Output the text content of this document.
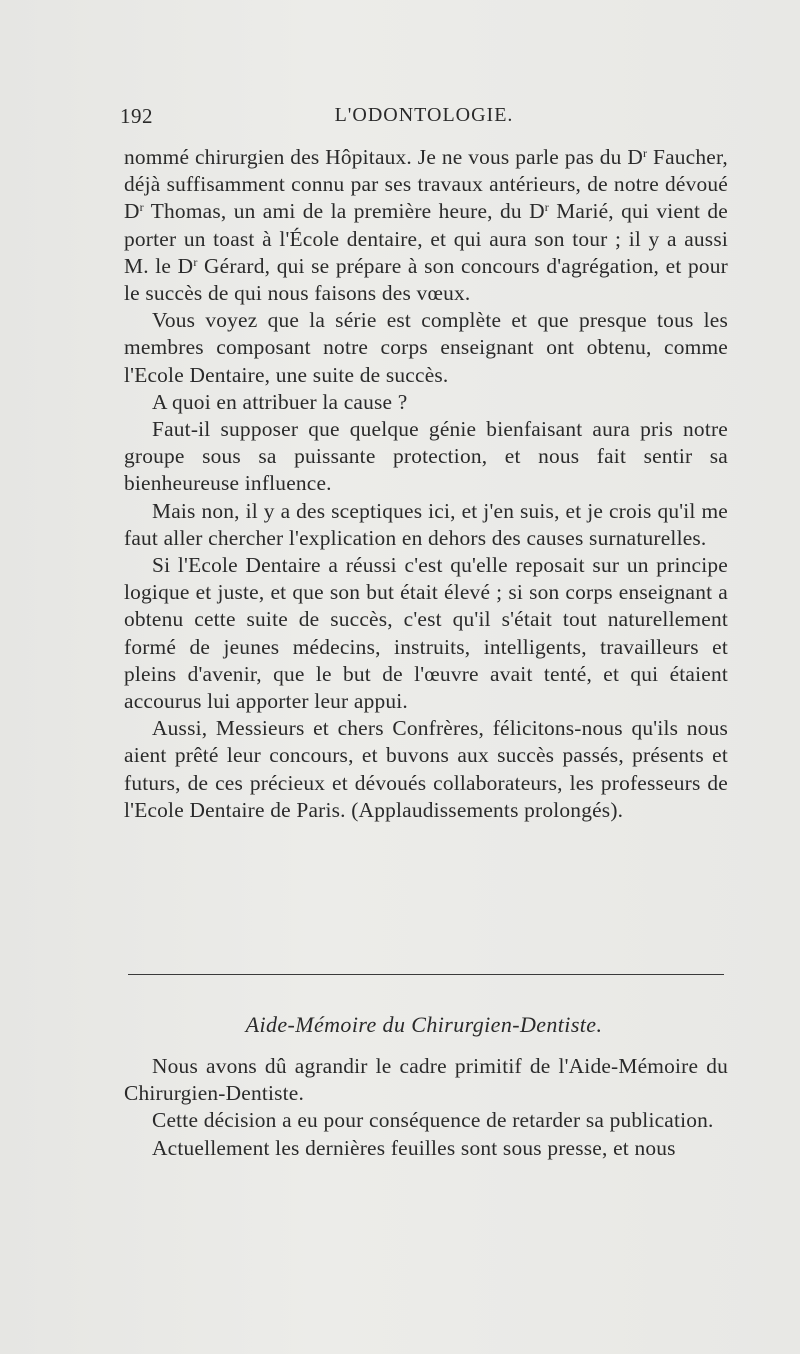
192	L'ODONTOLOGIE.

nommé chirurgien des Hôpitaux. Je ne vous parle pas du $D^r$ Faucher, déjà suffisamment connu par ses travaux antérieurs, de notre dévoué $D^r$ Thomas, un ami de la première heure, du $D^r$ Marié, qui vient de porter un toast à l'École dentaire, et qui aura son tour ; il y a aussi M. le $D^r$ Gérard, qui se prépare à son concours d'agrégation, et pour le succès de qui nous faisons des vœux.

Vous voyez que la série est complète et que presque tous les membres composant notre corps enseignant ont obtenu, comme l'Ecole Dentaire, une suite de succès.

A quoi en attribuer la cause ?

Faut-il supposer que quelque génie bienfaisant aura pris notre groupe sous sa puissante protection, et nous fait sentir sa bienheureuse influence.

Mais non, il y a des sceptiques ici, et j'en suis, et je crois qu'il me faut aller chercher l'explication en dehors des causes surnaturelles.

Si l'Ecole Dentaire a réussi c'est qu'elle reposait sur un principe logique et juste, et que son but était élevé ; si son corps enseignant a obtenu cette suite de succès, c'est qu'il s'était tout naturellement formé de jeunes médecins, instruits, intelligents, travailleurs et pleins d'avenir, que le but de l'œuvre avait tenté, et qui étaient accourus lui apporter leur appui.

Aussi, Messieurs et chers Confrères, félicitons-nous qu'ils nous aient prêté leur concours, et buvons aux succès passés, présents et futurs, de ces précieux et dévoués collaborateurs, les professeurs de l'Ecole Dentaire de Paris. (Applaudissements prolongés).

Aide-Mémoire du Chirurgien-Dentiste.

Nous avons dû agrandir le cadre primitif de l'Aide-Mémoire du Chirurgien-Dentiste.

Cette décision a eu pour conséquence de retarder sa publication.

Actuellement les dernières feuilles sont sous presse, et nous
